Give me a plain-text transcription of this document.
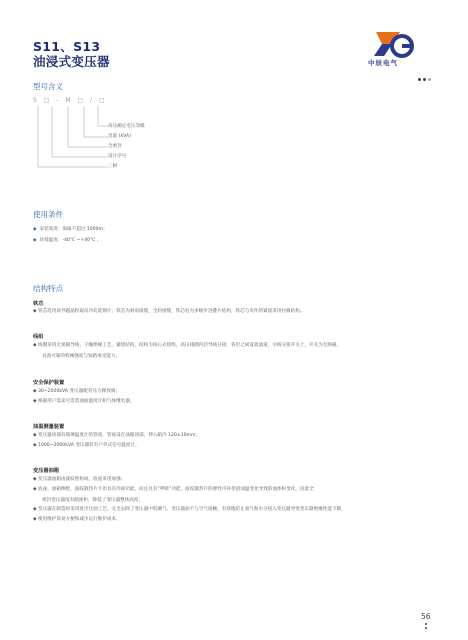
S11、S13
油浸式变压器	中辰电气
型号含义
S □ - M □ / □
高压额定电压等级
容量 (kVA)
全密封
设计序号
三相
使用条件
◆ 安装高度：海拔不超过 1000m；
◆ 环境温度：-40℃ ~+40℃ 。
结构特点
铁芯
◆ 铁芯选用高导磁晶粒取向冷轧硅钢片，铁芯为斜角接缝，全斜接缝，铁芯柱为多级步进叠片结构，铁芯与夹件的紧固采用拉板结构。
线组
◆ 线圈采用无氧铜导线，干燥绝缘工艺，紧绕结构，结构为同心式绕组，高压线圈内层导线分接，各层之间设置油道，引线分接开关上，开关为无励磁，
具备可靠的机械强度与短路承受能力。
安全保护装置
◆ 30~2000kVA 变压器配有压力释放阀；
◆ 根据用户需求可选装油面温度计和气体继电器。
油温测量装置
◆ 变压器顶部有玻璃温度计的管座，管座设在油箱顶部，伸入箱内 120±10mm；
◆ 1000~2000kVA 变压器装有户外式信号温度计。
变压器油箱
◆ 变压器油箱由波纹壁构成，底座采用加强；
◆ 底座、油箱侧壁，波纹散热片不但具有冷却功能，而且具有“呼吸”功能，波纹散热片的弹性可补偿因油温变化导致的油体积变化，因此全
密封变压器没有储油柜，降低了变压器整体高度；
◆ 变压器在制造时采用真空注油工艺，完全去除了变压器中的潮气，变压器油不与空气接触，有效地防止氧气和水分侵入变压器导致变压器绝缘性能下降，
◆ 使用维护简易方便和减少运行维护成本。
56
